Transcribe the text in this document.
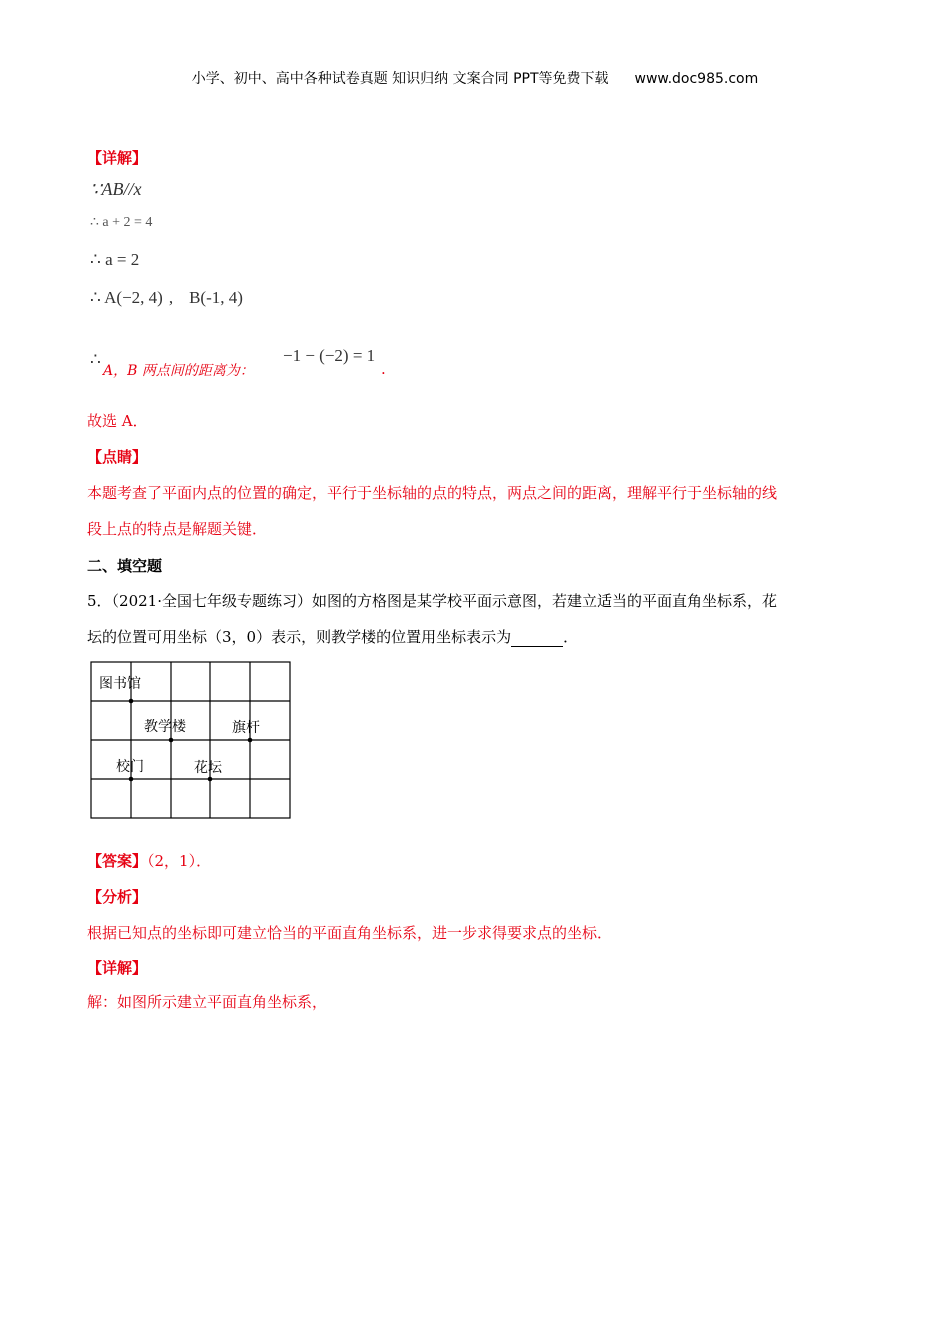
小学、初中、高中各种试卷真题 知识归纳 文案合同 PPT等免费下载 www.doc985.com
【详解】
∵AB//x
∴ a + 2 = 4
∴ a = 2
∴ A(−2, 4) , B(-1, 4)
∴
A，B 两点间的距离为：
−1 − (−2) = 1
.
故选 A．
【点睛】
本题考查了平面内点的位置的确定，平行于坐标轴的点的特点，两点之间的距离，理解平行于坐标轴的线
段上点的特点是解题关键．
二、填空题
5．（2021·全国七年级专题练习）如图的方格图是某学校平面示意图，若建立适当的平面直角坐标系，花
坛的位置可用坐标（3，0）表示，则教学楼的位置用坐标表示为	．
图书馆
教学楼	旗杆
校门	花坛
【答案】（2，1）．
【分析】
根据已知点的坐标即可建立恰当的平面直角坐标系，进一步求得要求点的坐标．
【详解】
解：如图所示建立平面直角坐标系，
